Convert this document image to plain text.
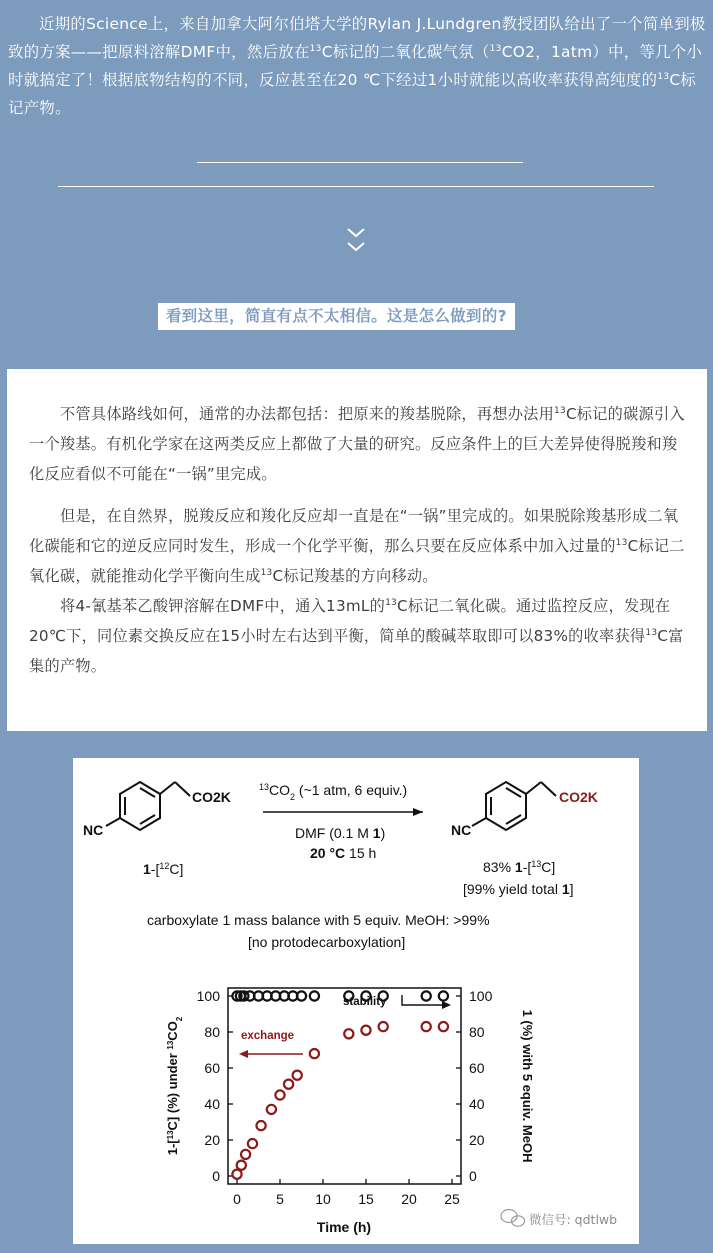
近期的Science上，来自加拿大阿尔伯塔大学的Rylan J.Lundgren教授团队给出了一个简单到极致的方案——把原料溶解DMF中，然后放在$^{13}$C标记的二氧化碳气氛（$^{13}$CO2，1atm）中，等几个小时就搞定了！根据底物结构的不同，反应甚至在20 ℃下经过1小时就能以高收率获得高纯度的$^{13}$C标记产物。

看到这里，简直有点不太相信。这是怎么做到的?

不管具体路线如何，通常的办法都包括：把原来的羧基脱除，再想办法用$^{13}$C标记的碳源引入一个羧基。有机化学家在这两类反应上都做了大量的研究。反应条件上的巨大差异使得脱羧和羧化反应看似不可能在“一锅”里完成。

但是，在自然界，脱羧反应和羧化反应却一直是在“一锅”里完成的。如果脱除羧基形成二氧化碳能和它的逆反应同时发生，形成一个化学平衡，那么只要在反应体系中加入过量的$^{13}$C标记二氧化碳，就能推动化学平衡向生成$^{13}$C标记羧基的方向移动。

将4-氰基苯乙酸钾溶解在DMF中，通入13mL的$^{13}$C标记二氧化碳。通过监控反应，发现在20℃下，同位素交换反应在15小时左右达到平衡，简单的酸碱萃取即可以83%的收率获得$^{13}$C富集的产物。

CO2K
NC
$^{13}CO_2$ (~1 atm, 6 equiv.)
DMF (0.1 M 1)
20 °C 15 h
CO2K
NC
1-[$^{12}$C]	83% 1-[$^{13}$C]
[99% yield total 1]
carboxylate 1 mass balance with 5 equiv. MeOH: >99%
[no protodecarboxylation]
0	5 10 15 20 25
0
20
40
60
80
100
0
20
40
60
80
100
Time (h)
1-[$^{13}$C] (%) under $^{13}CO_2$	1 (%) with 5 equiv. MeOH
exchange
stability
微信号: qdtlwb
